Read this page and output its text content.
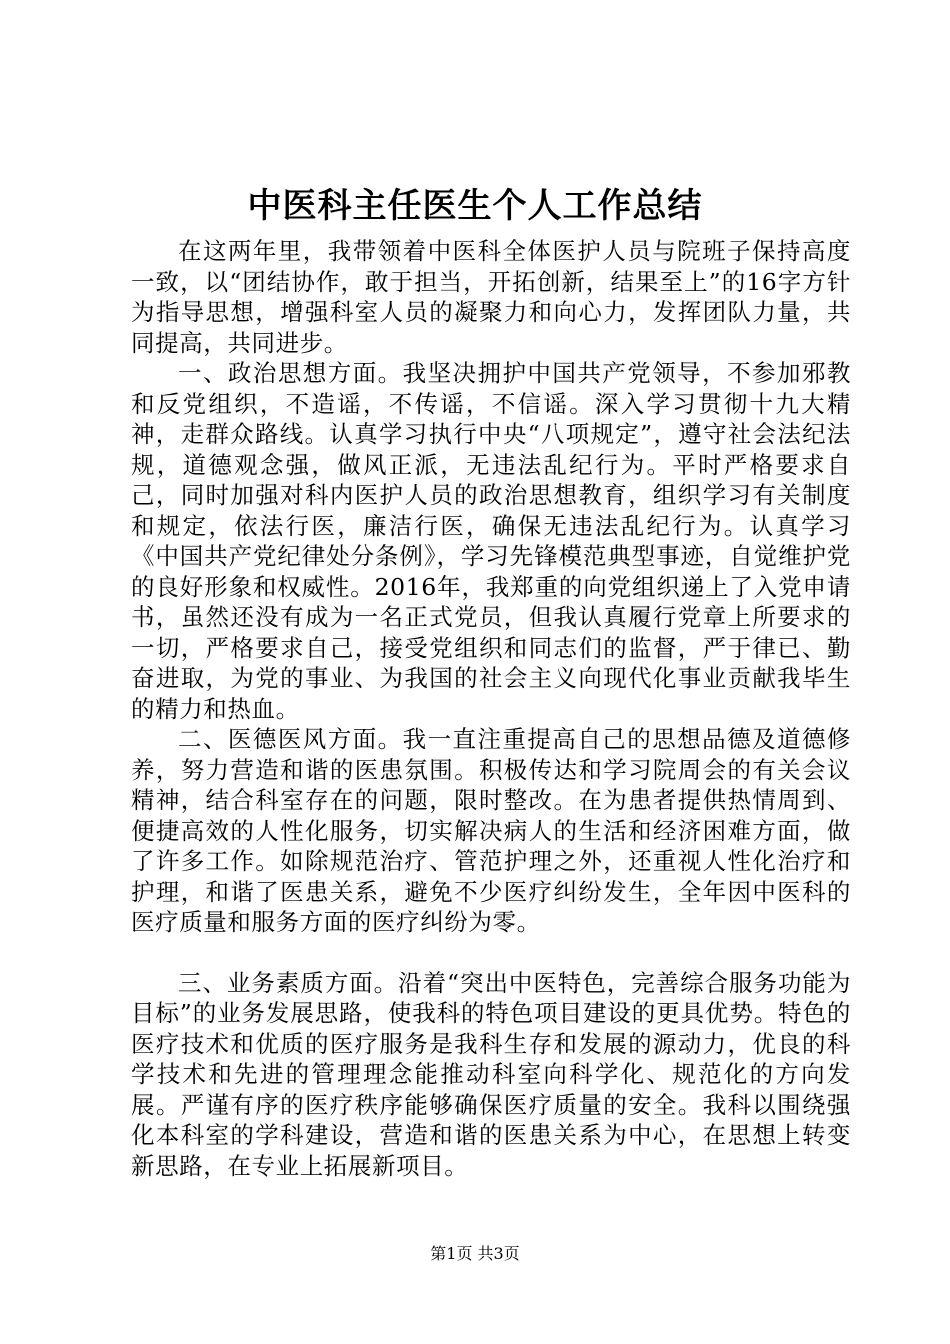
中医科主任医生个人工作总结

在这两年里，我带领着中医科全体医护人员与院班子保持高度一致，以“团结协作，敢于担当，开拓创新，结果至上”的16字方针为指导思想，增强科室人员的凝聚力和向心力，发挥团队力量，共同提高，共同进步。

一、政治思想方面。我坚决拥护中国共产党领导，不参加邪教和反党组织，不造谣，不传谣，不信谣。深入学习贯彻十九大精神，走群众路线。认真学习执行中央“八项规定”，遵守社会法纪法规，道德观念强，做风正派，无违法乱纪行为。平时严格要求自己，同时加强对科内医护人员的政治思想教育，组织学习有关制度和规定，依法行医，廉洁行医，确保无违法乱纪行为。认真学习《中国共产党纪律处分条例》，学习先锋模范典型事迹，自觉维护党的良好形象和权威性。2016年，我郑重的向党组织递上了入党申请书，虽然还没有成为一名正式党员，但我认真履行党章上所要求的一切，严格要求自己，接受党组织和同志们的监督，严于律已、勤奋进取，为党的事业、为我国的社会主义向现代化事业贡献我毕生的精力和热血。

二、医德医风方面。我一直注重提高自己的思想品德及道德修养，努力营造和谐的医患氛围。积极传达和学习院周会的有关会议精神，结合科室存在的问题，限时整改。在为患者提供热情周到、便捷高效的人性化服务，切实解决病人的生活和经济困难方面，做了许多工作。如除规范治疗、管范护理之外，还重视人性化治疗和护理，和谐了医患关系，避免不少医疗纠纷发生，全年因中医科的医疗质量和服务方面的医疗纠纷为零。

三、业务素质方面。沿着“突出中医特色，完善综合服务功能为目标”的业务发展思路，使我科的特色项目建设的更具优势。特色的医疗技术和优质的医疗服务是我科生存和发展的源动力，优良的科学技术和先进的管理理念能推动科室向科学化、规范化的方向发展。严谨有序的医疗秩序能够确保医疗质量的安全。我科以围绕强化本科室的学科建设，营造和谐的医患关系为中心，在思想上转变新思路，在专业上拓展新项目。

第1页 共3页
